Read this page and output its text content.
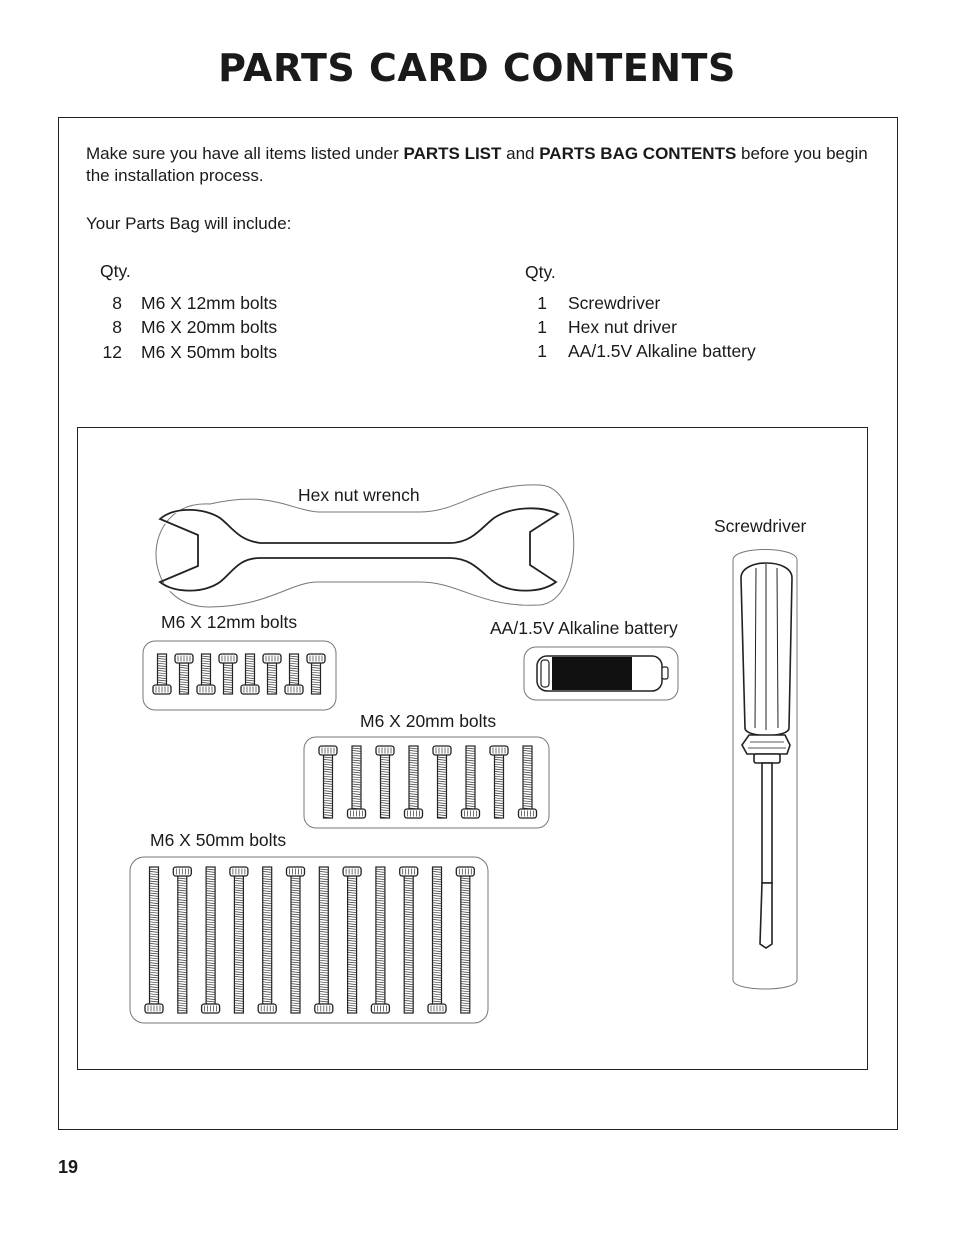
PARTS CARD CONTENTS

Make sure you have all items listed under PARTS LIST and PARTS BAG CONTENTS before you begin the installation process.

Your Parts Bag will include:

Qty.
8 M6 X 12mm bolts
8 M6 X 20mm bolts
12 M6 X 50mm bolts
Qty.
1 Screwdriver
1 Hex nut driver
1 AA/1.5V Alkaline battery
Hex nut wrench
Screwdriver
M6 X 12mm bolts	AA/1.5V Alkaline battery
M6 X 20mm bolts
M6 X 50mm bolts
19
